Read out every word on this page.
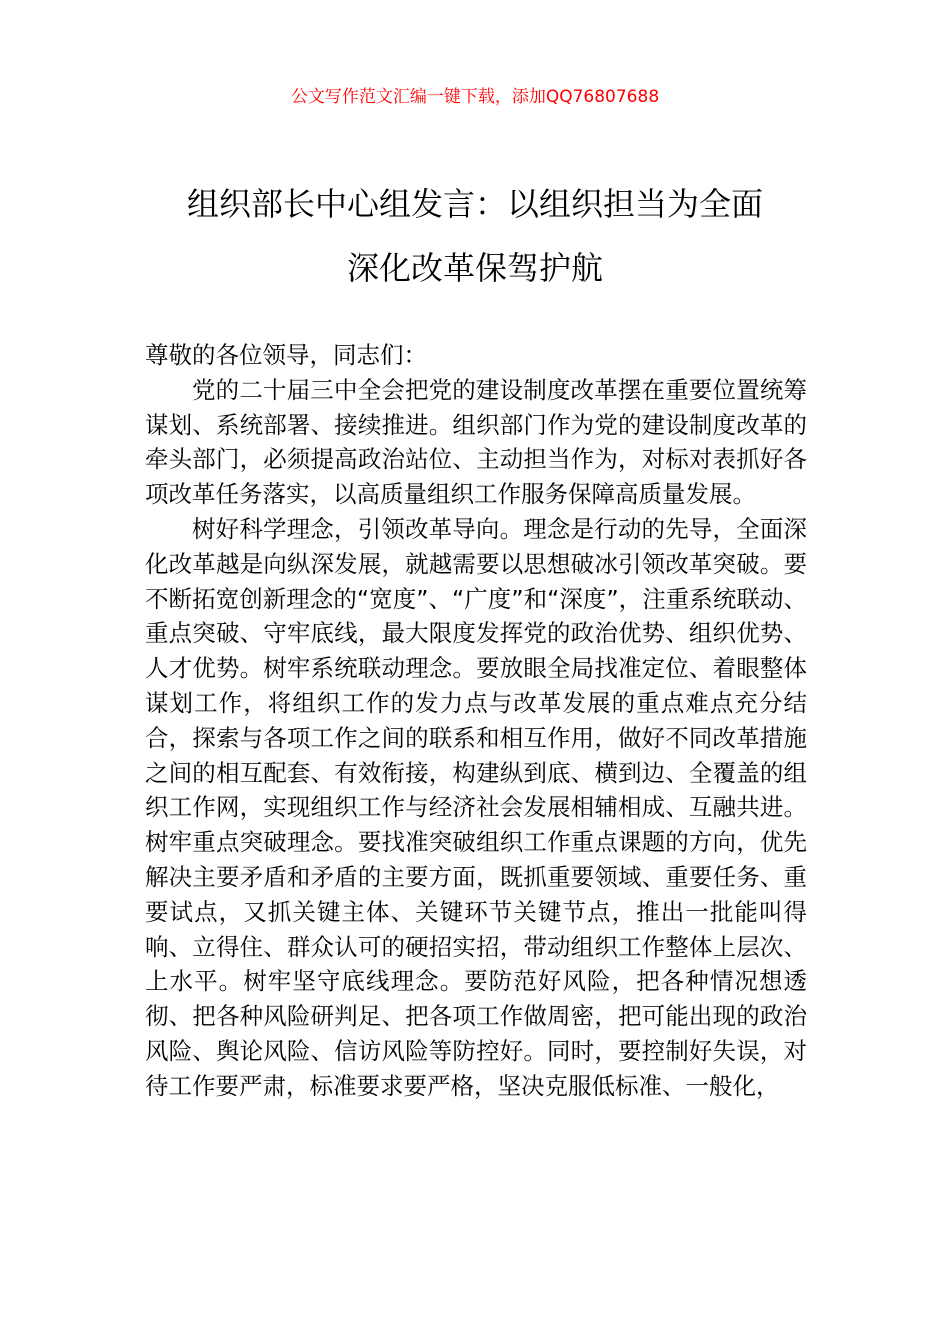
公文写作范文汇编一键下载，添加QQ76807688
组织部长中心组发言：以组织担当为全面
深化改革保驾护航

尊敬的各位领导，同志们：

党的二十届三中全会把党的建设制度改革摆在重要位置统筹谋划、系统部署、接续推进。组织部门作为党的建设制度改革的牵头部门，必须提高政治站位、主动担当作为，对标对表抓好各项改革任务落实，以高质量组织工作服务保障高质量发展。

树好科学理念，引领改革导向。理念是行动的先导，全面深化改革越是向纵深发展，就越需要以思想破冰引领改革突破。要不断拓宽创新理念的“宽度”、“广度”和“深度”，注重系统联动、重点突破、守牢底线，最大限度发挥党的政治优势、组织优势、人才优势。树牢系统联动理念。要放眼全局找准定位、着眼整体谋划工作，将组织工作的发力点与改革发展的重点难点充分结合，探索与各项工作之间的联系和相互作用，做好不同改革措施之间的相互配套、有效衔接，构建纵到底、横到边、全覆盖的组织工作网，实现组织工作与经济社会发展相辅相成、互融共进。树牢重点突破理念。要找准突破组织工作重点课题的方向，优先解决主要矛盾和矛盾的主要方面，既抓重要领域、重要任务、重要试点，又抓关键主体、关键环节关键节点，推出一批能叫得响、立得住、群众认可的硬招实招，带动组织工作整体上层次、上水平。树牢坚守底线理念。要防范好风险，把各种情况想透彻、把各种风险研判足、把各项工作做周密，把可能出现的政治风险、舆论风险、信访风险等防控好。同时，要控制好失误，对待工作要严肃，标准要求要严格，坚决克服低标准、一般化，
